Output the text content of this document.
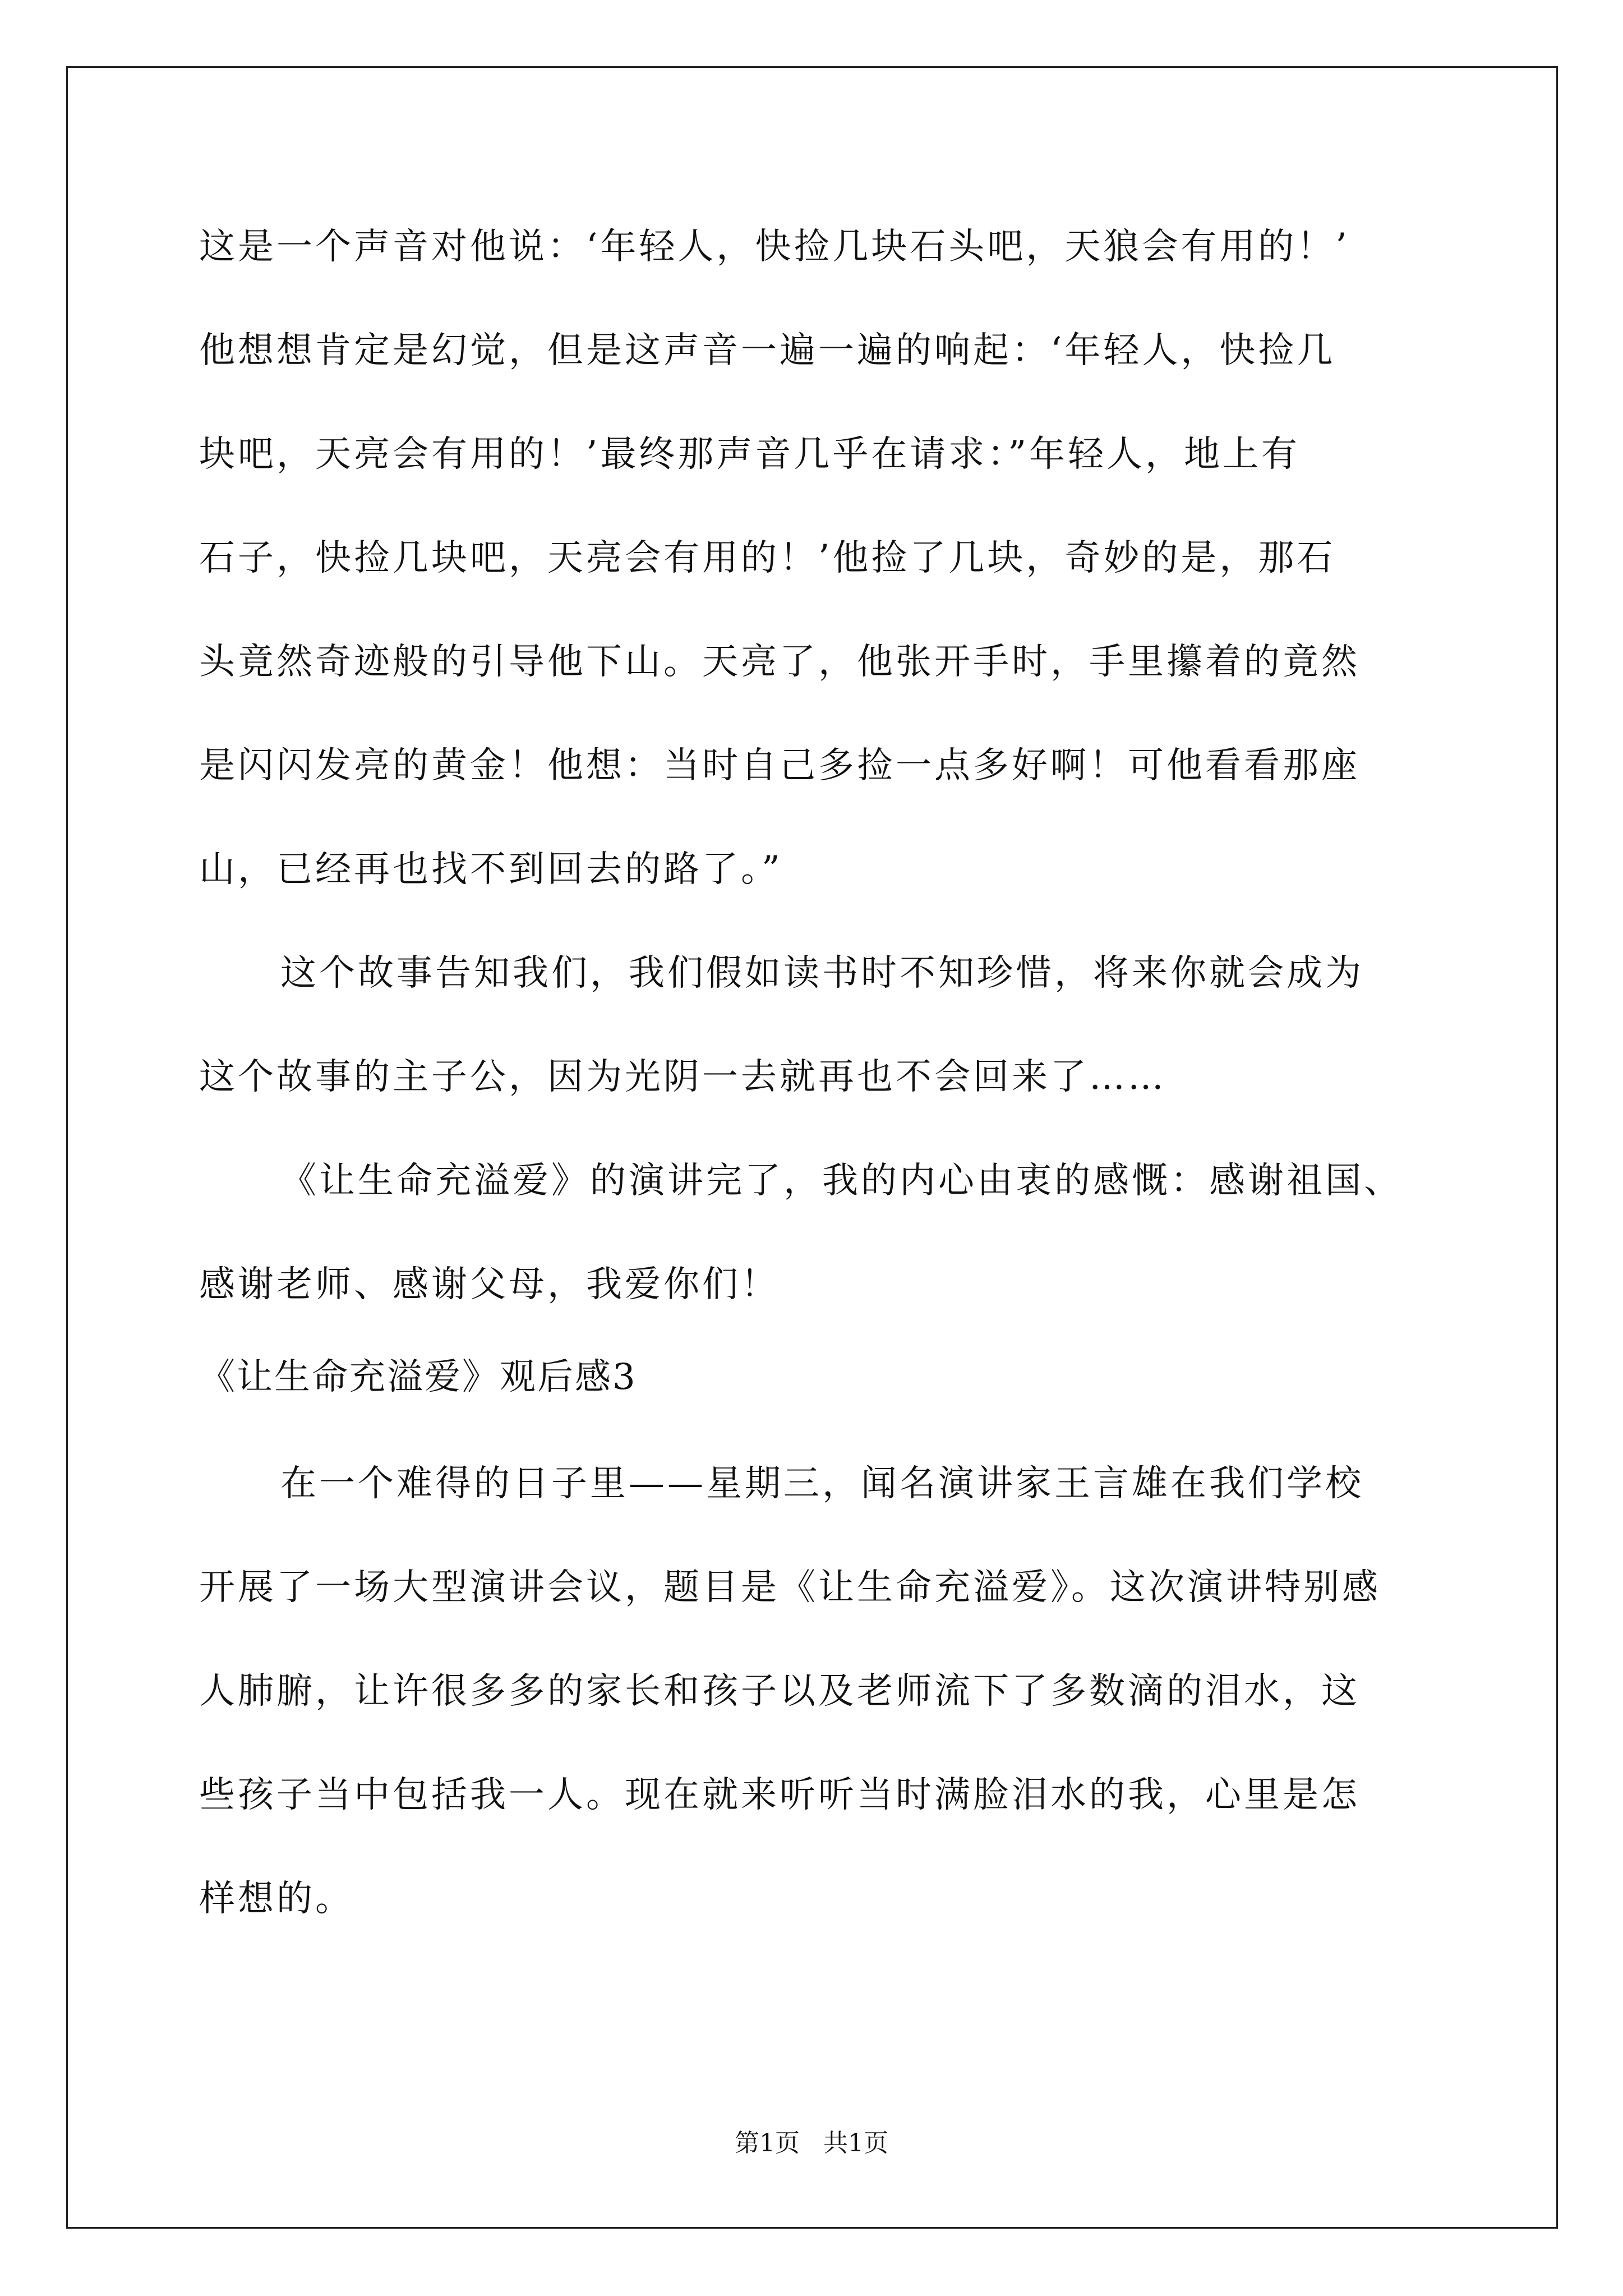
这是一个声音对他说：‘年轻人，快捡几块石头吧，天狼会有用的！’
他想想肯定是幻觉，但是这声音一遍一遍的响起：‘年轻人，快捡几
块吧，天亮会有用的！’最终那声音几乎在请求：”年轻人，地上有
石子，快捡几块吧，天亮会有用的！’他捡了几块，奇妙的是，那石
头竟然奇迹般的引导他下山。天亮了，他张开手时，手里攥着的竟然
是闪闪发亮的黄金！他想：当时自己多捡一点多好啊！可他看看那座
山，已经再也找不到回去的路了。”
这个故事告知我们，我们假如读书时不知珍惜，将来你就会成为
这个故事的主子公，因为光阴一去就再也不会回来了……
《让生命充溢爱》的演讲完了，我的内心由衷的感慨：感谢祖国、
感谢老师、感谢父母，我爱你们！
《让生命充溢爱》观后感3
在一个难得的日子里——星期三，闻名演讲家王言雄在我们学校
开展了一场大型演讲会议，题目是《让生命充溢爱》。这次演讲特别感
人肺腑，让许很多多的家长和孩子以及老师流下了多数滴的泪水，这
些孩子当中包括我一人。现在就来听听当时满脸泪水的我，心里是怎
样想的。
第1页   共1页
